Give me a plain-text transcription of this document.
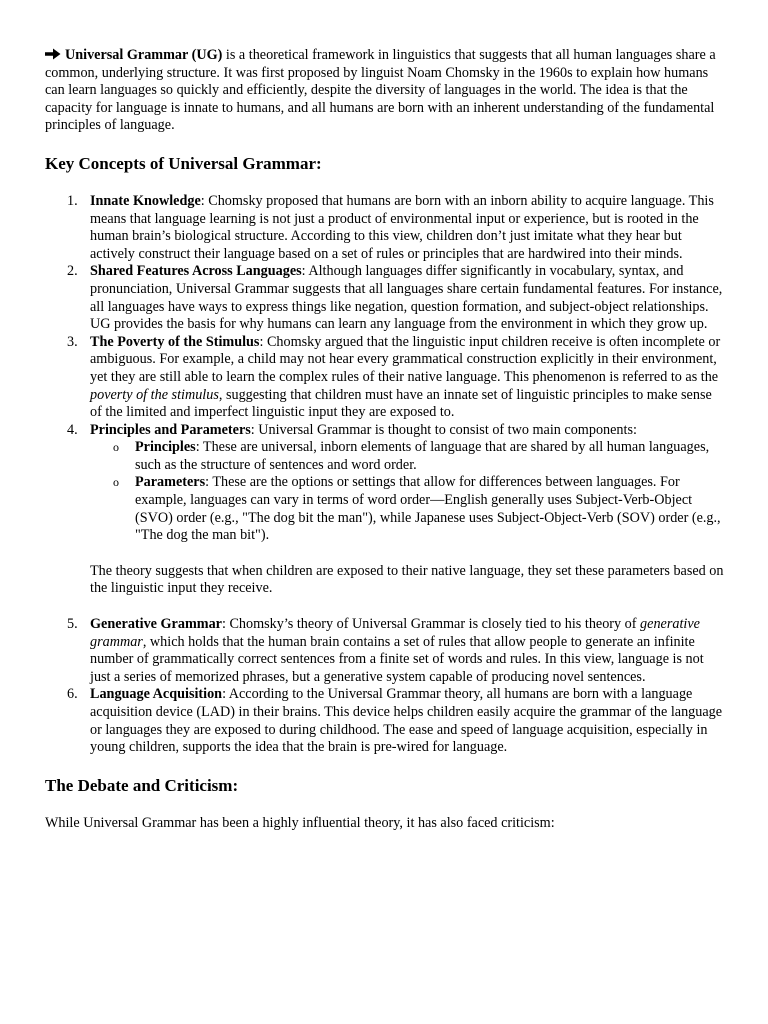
Universal Grammar (UG) is a theoretical framework in linguistics that suggests that all human languages share a common, underlying structure. It was first proposed by linguist Noam Chomsky in the 1960s to explain how humans can learn languages so quickly and efficiently, despite the diversity of languages in the world. The idea is that the capacity for language is innate to humans, and all humans are born with an inherent understanding of the fundamental principles of language.

Key Concepts of Universal Grammar:
1. Innate Knowledge: Chomsky proposed that humans are born with an inborn ability to acquire language. This means that language learning is not just a product of environmental input or experience, but is rooted in the human brain’s biological structure. According to this view, children don’t just imitate what they hear but actively construct their language based on a set of rules or principles that are hardwired into their minds.
2. Shared Features Across Languages: Although languages differ significantly in vocabulary, syntax, and pronunciation, Universal Grammar suggests that all languages share certain fundamental features. For instance, all languages have ways to express things like negation, question formation, and subject-object relationships. UG provides the basis for why humans can learn any language from the environment in which they grow up.
3. The Poverty of the Stimulus: Chomsky argued that the linguistic input children receive is often incomplete or ambiguous. For example, a child may not hear every grammatical construction explicitly in their environment, yet they are still able to learn the complex rules of their native language. This phenomenon is referred to as the poverty of the stimulus, suggesting that children must have an innate set of linguistic principles to make sense of the limited and imperfect linguistic input they are exposed to.
4. Principles and Parameters: Universal Grammar is thought to consist of two main components:
o Principles: These are universal, inborn elements of language that are shared by all human languages, such as the structure of sentences and word order.
o Parameters: These are the options or settings that allow for differences between languages. For example, languages can vary in terms of word order—English generally uses Subject-Verb-Object (SVO) order (e.g., "The dog bit the man"), while Japanese uses Subject-Object-Verb (SOV) order (e.g., "The dog the man bit").

The theory suggests that when children are exposed to their native language, they set these parameters based on the linguistic input they receive.

5. Generative Grammar: Chomsky’s theory of Universal Grammar is closely tied to his theory of generative grammar, which holds that the human brain contains a set of rules that allow people to generate an infinite number of grammatically correct sentences from a finite set of words and rules. In this view, language is not just a series of memorized phrases, but a generative system capable of producing novel sentences.
6. Language Acquisition: According to the Universal Grammar theory, all humans are born with a language acquisition device (LAD) in their brains. This device helps children easily acquire the grammar of the language or languages they are exposed to during childhood. The ease and speed of language acquisition, especially in young children, supports the idea that the brain is pre-wired for language.
The Debate and Criticism:

While Universal Grammar has been a highly influential theory, it has also faced criticism:
